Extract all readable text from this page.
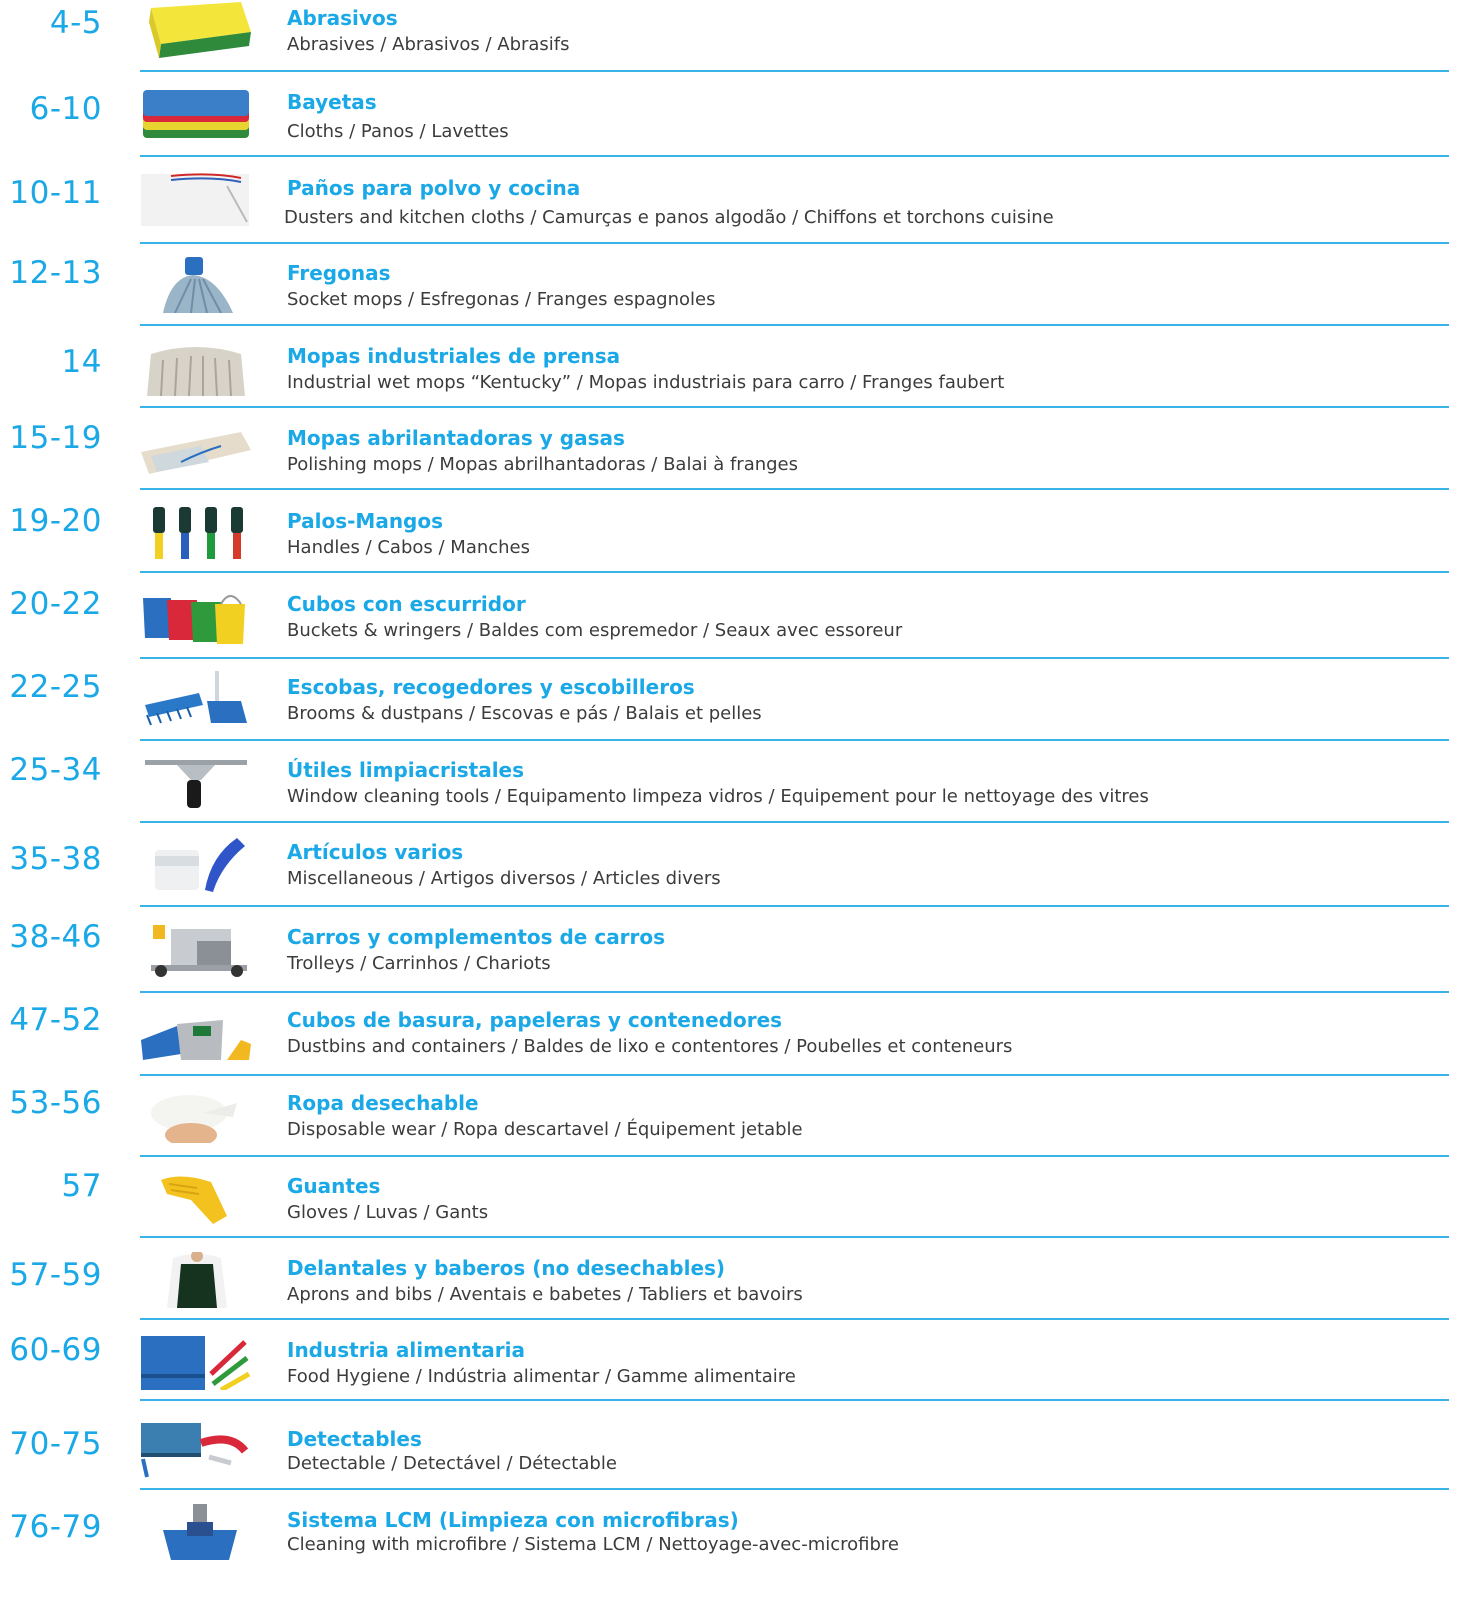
4-5	Abrasivos
Abrasives / Abrasivos / Abrasifs
6-10	Bayetas
Cloths / Panos / Lavettes
10-11	Paños para polvo y cocina
Dusters and kitchen cloths / Camurças e panos algodão / Chiffons et torchons cuisine
12-13	Fregonas
Socket mops / Esfregonas / Franges espagnoles
14	Mopas industriales de prensa
Industrial wet mops “Kentucky” / Mopas industriais para carro / Franges faubert
15-19	Mopas abrilantadoras y gasas
Polishing mops / Mopas abrilhantadoras / Balai à franges
19-20	Palos-Mangos
Handles / Cabos / Manches
20-22	Cubos con escurridor
Buckets & wringers / Baldes com espremedor / Seaux avec essoreur
22-25	Escobas, recogedores y escobilleros
Brooms & dustpans / Escovas e pás / Balais et pelles
25-34	Útiles limpiacristales
Window cleaning tools / Equipamento limpeza vidros / Equipement pour le nettoyage des vitres
35-38	Artículos varios
Miscellaneous / Artigos diversos / Articles divers
38-46	Carros y complementos de carros
Trolleys / Carrinhos / Chariots
47-52	Cubos de basura, papeleras y contenedores
Dustbins and containers / Baldes de lixo e contentores / Poubelles et conteneurs
53-56	Ropa desechable
Disposable wear / Ropa descartavel / Équipement jetable
57	Guantes
Gloves / Luvas / Gants
57-59	Delantales y baberos (no desechables)
Aprons and bibs / Aventais e babetes / Tabliers et bavoirs
60-69	Industria alimentaria
Food Hygiene / Indústria alimentar / Gamme alimentaire
70-75	Detectables
Detectable / Detectável / Détectable
76-79	Sistema LCM (Limpieza con microfibras)
Cleaning with microfibre / Sistema LCM / Nettoyage-avec-microfibre
